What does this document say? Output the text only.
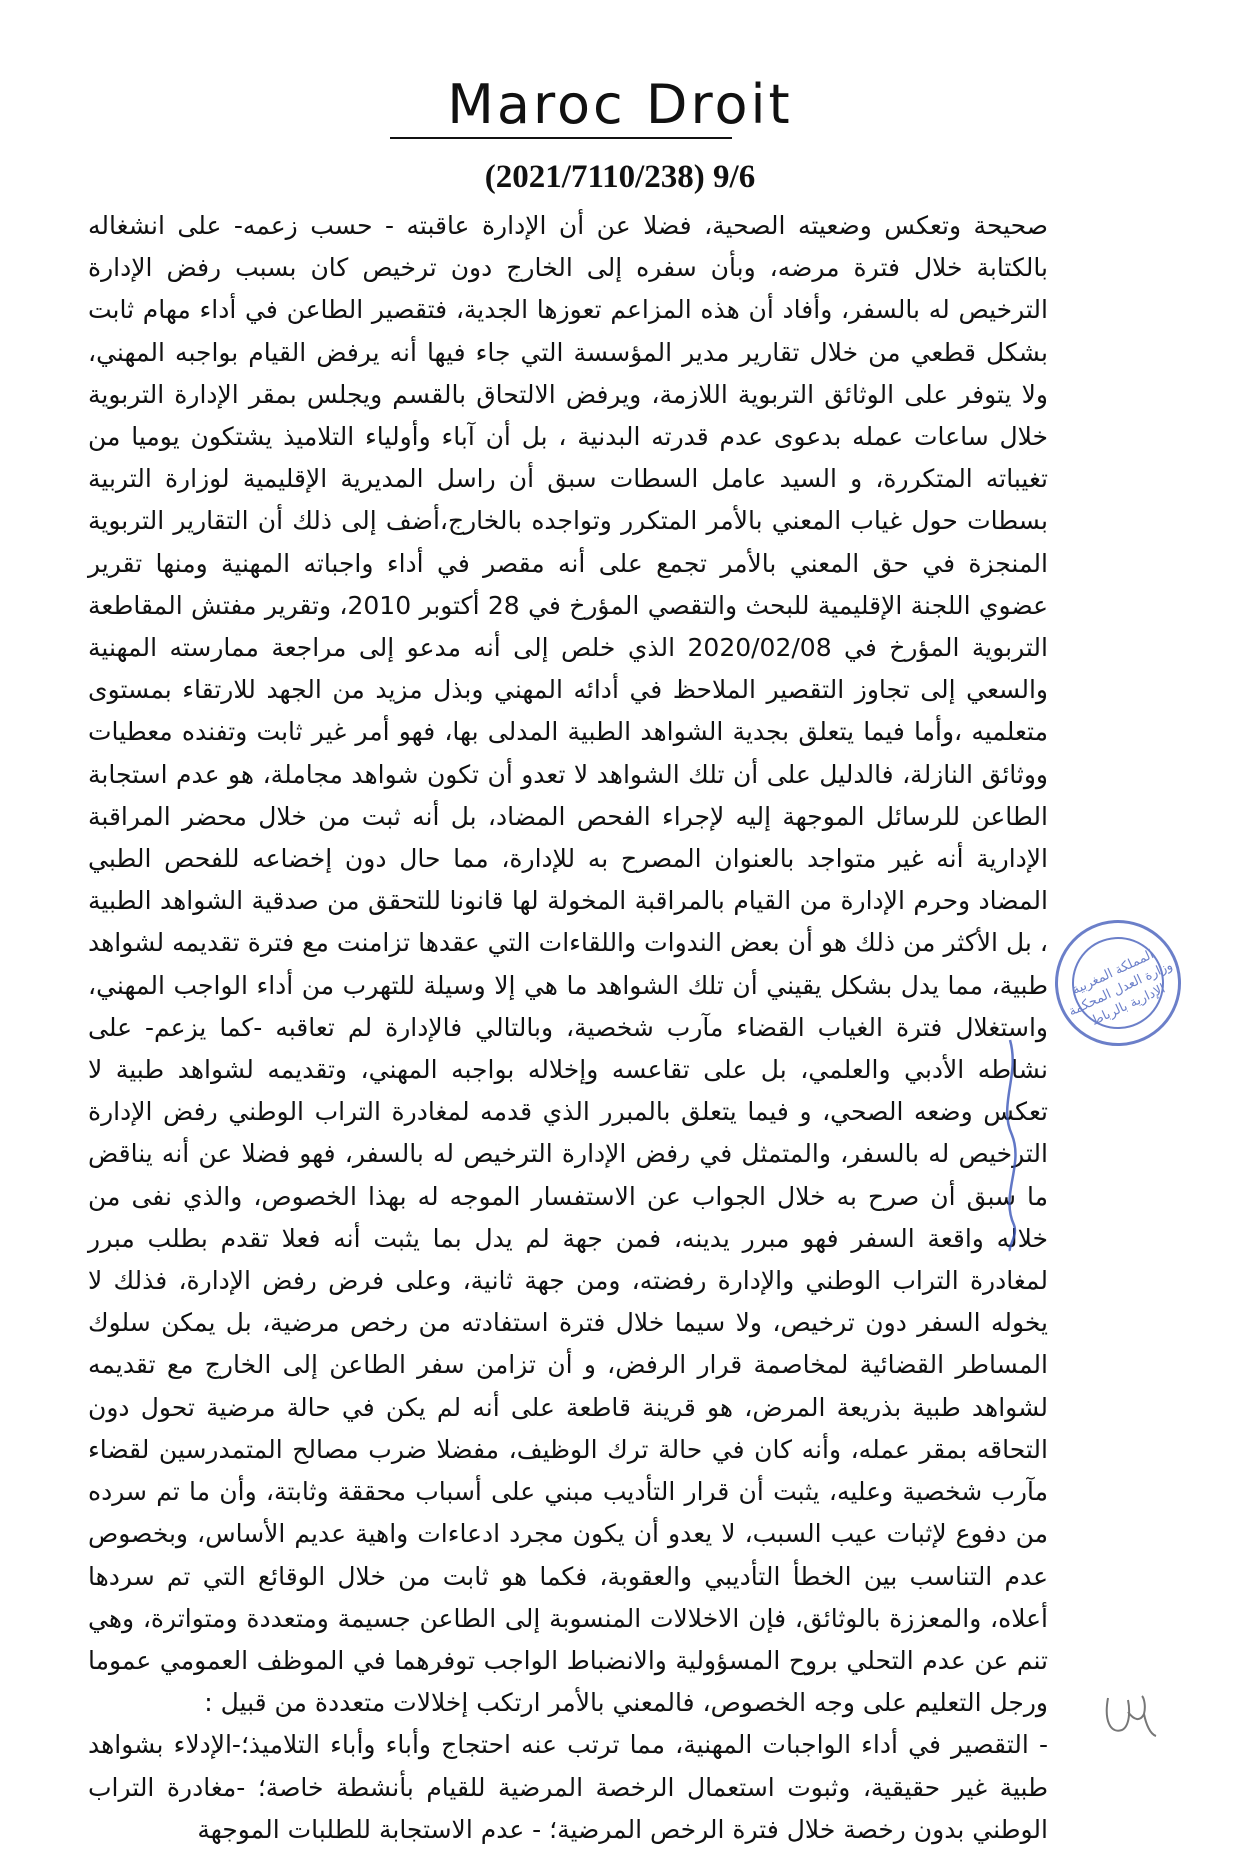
Maroc Droit
(2021/7110/238) 9/6

صحيحة وتعكس وضعيته الصحية، فضلا عن أن الإدارة عاقبته - حسب زعمه- على انشغاله بالكتابة خلال فترة مرضه، وبأن سفره إلى الخارج دون ترخيص كان بسبب رفض الإدارة الترخيص له بالسفر، وأفاد أن هذه المزاعم تعوزها الجدية، فتقصير الطاعن في أداء مهام ثابت بشكل قطعي من خلال تقارير مدير المؤسسة التي جاء فيها أنه يرفض القيام بواجبه المهني، ولا يتوفر على الوثائق التربوية اللازمة، ويرفض الالتحاق بالقسم ويجلس بمقر الإدارة التربوية خلال ساعات عمله بدعوى عدم قدرته البدنية ، بل أن آباء وأولياء التلاميذ يشتكون يوميا من تغيباته المتكررة، و السيد عامل السطات سبق أن راسل المديرية الإقليمية لوزارة التربية بسطات حول غياب المعني بالأمر المتكرر وتواجده بالخارج،أضف إلى ذلك أن التقارير التربوية المنجزة في حق المعني بالأمر تجمع على أنه مقصر في أداء واجباته المهنية ومنها تقرير عضوي اللجنة الإقليمية للبحث والتقصي المؤرخ في 28 أكتوبر 2010، وتقرير مفتش المقاطعة التربوية المؤرخ في 2020/02/08 الذي خلص إلى أنه مدعو إلى مراجعة ممارسته المهنية والسعي إلى تجاوز التقصير الملاحظ في أدائه المهني وبذل مزيد من الجهد للارتقاء بمستوى متعلميه ،وأما فيما يتعلق بجدية الشواهد الطبية المدلى بها، فهو أمر غير ثابت وتفنده معطيات ووثائق النازلة، فالدليل على أن تلك الشواهد لا تعدو أن تكون شواهد مجاملة، هو عدم استجابة الطاعن للرسائل الموجهة إليه لإجراء الفحص المضاد، بل أنه ثبت من خلال محضر المراقبة الإدارية أنه غير متواجد بالعنوان المصرح به للإدارة، مما حال دون إخضاعه للفحص الطبي المضاد وحرم الإدارة من القيام بالمراقبة المخولة لها قانونا للتحقق من صدقية الشواهد الطبية ، بل الأكثر من ذلك هو أن بعض الندوات واللقاءات التي عقدها تزامنت مع فترة تقديمه لشواهد طبية، مما يدل بشكل يقيني أن تلك الشواهد ما هي إلا وسيلة للتهرب من أداء الواجب المهني، واستغلال فترة الغياب القضاء مآرب شخصية، وبالتالي فالإدارة لم تعاقبه -كما يزعم- على نشاطه الأدبي والعلمي، بل على تقاعسه وإخلاله بواجبه المهني، وتقديمه لشواهد طبية لا تعكس وضعه الصحي، و فيما يتعلق بالمبرر الذي قدمه لمغادرة التراب الوطني رفض الإدارة الترخيص له بالسفر، والمتمثل في رفض الإدارة الترخيص له بالسفر، فهو فضلا عن أنه يناقض ما سبق أن صرح به خلال الجواب عن الاستفسار الموجه له بهذا الخصوص، والذي نفى من خلاله واقعة السفر فهو مبرر يدينه، فمن جهة لم يدل بما يثبت أنه فعلا تقدم بطلب مبرر لمغادرة التراب الوطني والإدارة رفضته، ومن جهة ثانية، وعلى فرض رفض الإدارة، فذلك لا يخوله السفر دون ترخيص، ولا سيما خلال فترة استفادته من رخص مرضية، بل يمكن سلوك المساطر القضائية لمخاصمة قرار الرفض، و أن تزامن سفر الطاعن إلى الخارج مع تقديمه لشواهد طبية بذريعة المرض، هو قرينة قاطعة على أنه لم يكن في حالة مرضية تحول دون التحاقه بمقر عمله، وأنه كان في حالة ترك الوظيف، مفضلا ضرب مصالح المتمدرسين لقضاء مآرب شخصية وعليه، يثبت أن قرار التأديب مبني على أسباب محققة وثابتة، وأن ما تم سرده من دفوع لإثبات عيب السبب، لا يعدو أن يكون مجرد ادعاءات واهية عديم الأساس، وبخصوص عدم التناسب بين الخطأ التأديبي والعقوبة، فكما هو ثابت من خلال الوقائع التي تم سردها أعلاه، والمعززة بالوثائق، فإن الاخلالات المنسوبة إلى الطاعن جسيمة ومتعددة ومتواترة، وهي تنم عن عدم التحلي بروح المسؤولية والانضباط الواجب توفرهما في الموظف العمومي عموما ورجل التعليم على وجه الخصوص، فالمعني بالأمر ارتكب إخلالات متعددة من قبيل :

- التقصير في أداء الواجبات المهنية، مما ترتب عنه احتجاج وأباء وأباء التلاميذ؛-الإدلاء بشواهد طبية غير حقيقية، وثبوت استعمال الرخصة المرضية للقيام بأنشطة خاصة؛ -مغادرة التراب الوطني بدون رخصة خلال فترة الرخص المرضية؛ - عدم الاستجابة للطلبات الموجهة

المملكة المغربية وزارة العدل المحكمة الإدارية بالرباط
